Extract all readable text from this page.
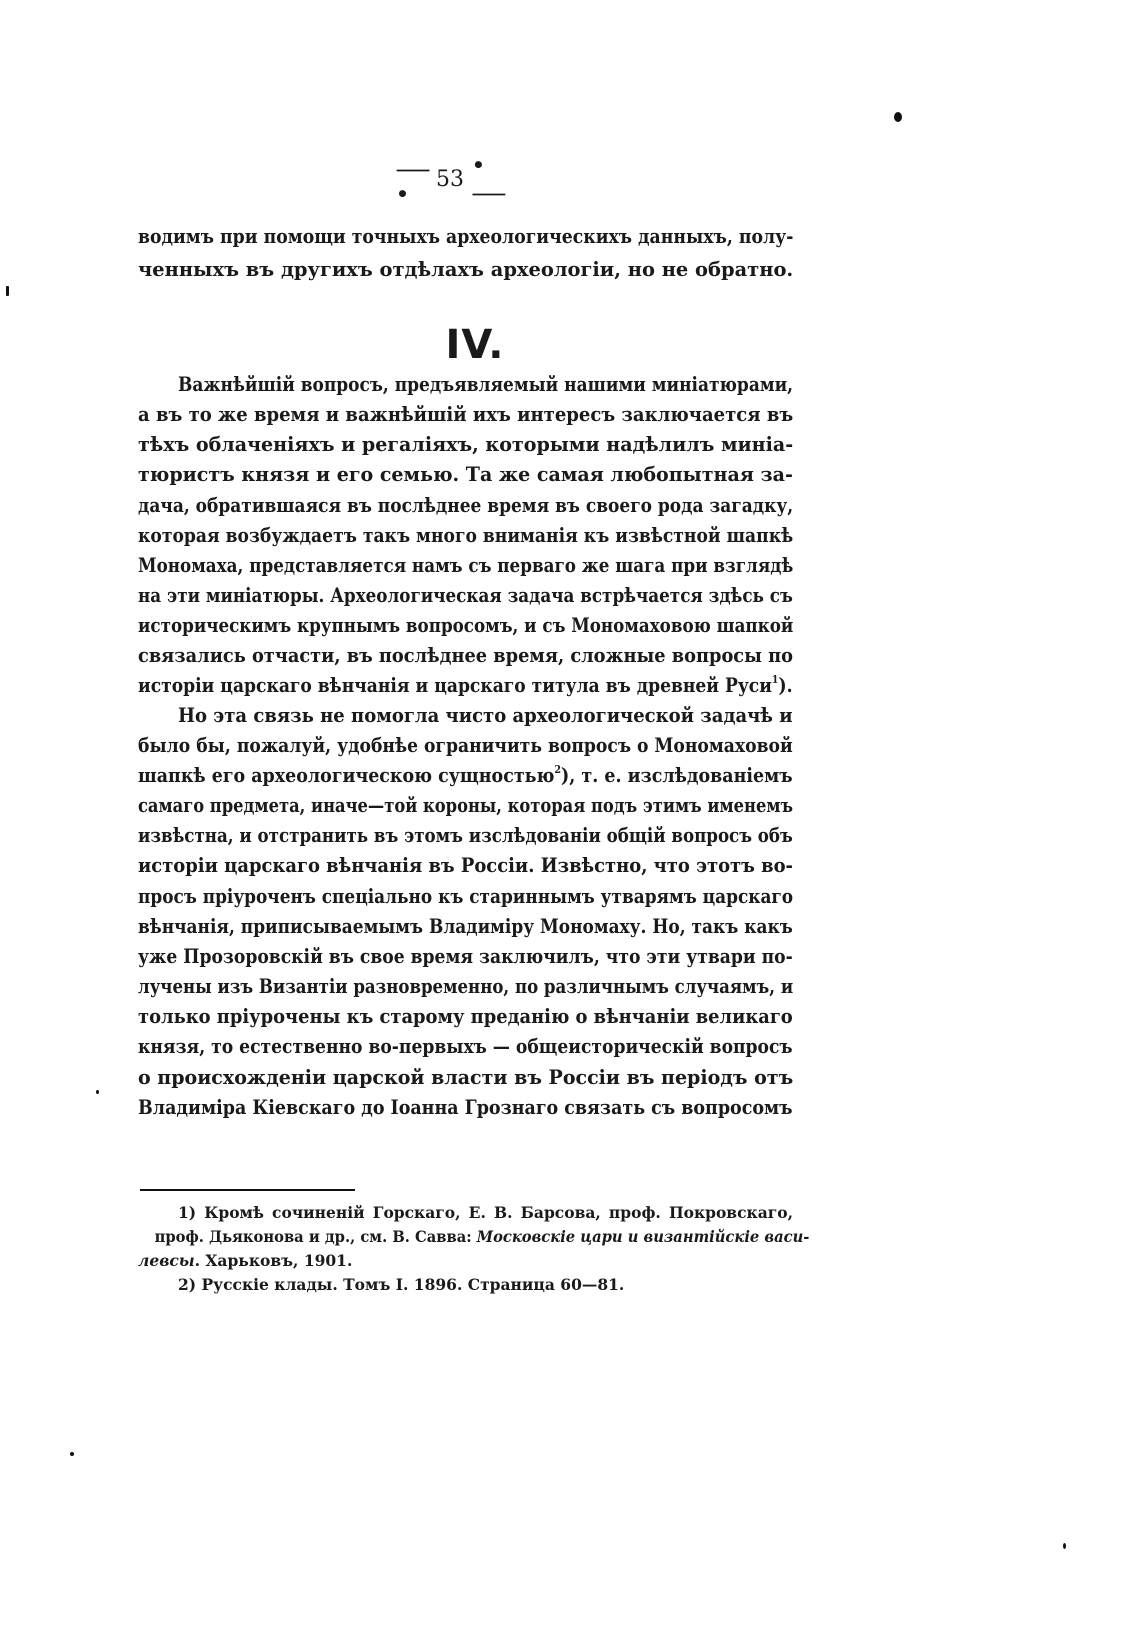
⸺•
53
•⸺
водимъ при помощи точныхъ археологическихъ данныхъ, полу-
ченныхъ въ другихъ отдѣлахъ археологіи, но не обратно.
IV.
Важнѣйшій вопросъ, предъявляемый нашими миніатюрами,
а въ то же время и важнѣйшій ихъ интересъ заключается въ
тѣхъ облаченіяхъ и регаліяхъ, которыми надѣлилъ миніа-
тюристъ князя и его семью. Та же самая любопытная за-
дача, обратившаяся въ послѣднее время въ своего рода загадку,
которая возбуждаетъ такъ много вниманія къ извѣстной шапкѣ
Мономаха, представляется намъ съ перваго же шага при взглядѣ
на эти миніатюры. Археологическая задача встрѣчается здѣсь съ
историческимъ крупнымъ вопросомъ, и съ Мономаховою шапкой
связались отчасти, въ послѣднее время, сложные вопросы по
исторіи царскаго вѣнчанія и царскаго титула въ древней Руси$^1$).
Но эта связь не помогла чисто археологической задачѣ и
было бы, пожалуй, удобнѣе ограничить вопросъ о Мономаховой
шапкѣ его археологическою сущностью$^2$), т. е. изслѣдованіемъ
самаго предмета, иначе—той короны, которая подъ этимъ именемъ
извѣстна, и отстранить въ этомъ изслѣдованіи общій вопросъ объ
исторіи царскаго вѣнчанія въ Россіи. Извѣстно, что этотъ во-
просъ пріуроченъ спеціально къ стариннымъ утварямъ царскаго
вѣнчанія, приписываемымъ Владиміру Мономаху. Но, такъ какъ
уже Прозоровскій въ свое время заключилъ, что эти утвари по-
лучены изъ Византіи разновременно, по различнымъ случаямъ, и
только пріурочены къ старому преданію о вѣнчаніи великаго
князя, то естественно во-первыхъ — общеисторическій вопросъ
о происхожденіи царской власти въ Россіи въ періодъ отъ
Владиміра Кіевскаго до Іоанна Грознаго связать съ вопросомъ
1) Кромѣ сочиненій Горскаго, Е. В. Барсова, проф. Покровскаго,
проф. Дьяконова и др., см. В. Савва: Московскіе цари и византійскіе васи-
левсы. Харьковъ, 1901.
2) Русскіе клады. Томъ I. 1896. Страница 60—81.
